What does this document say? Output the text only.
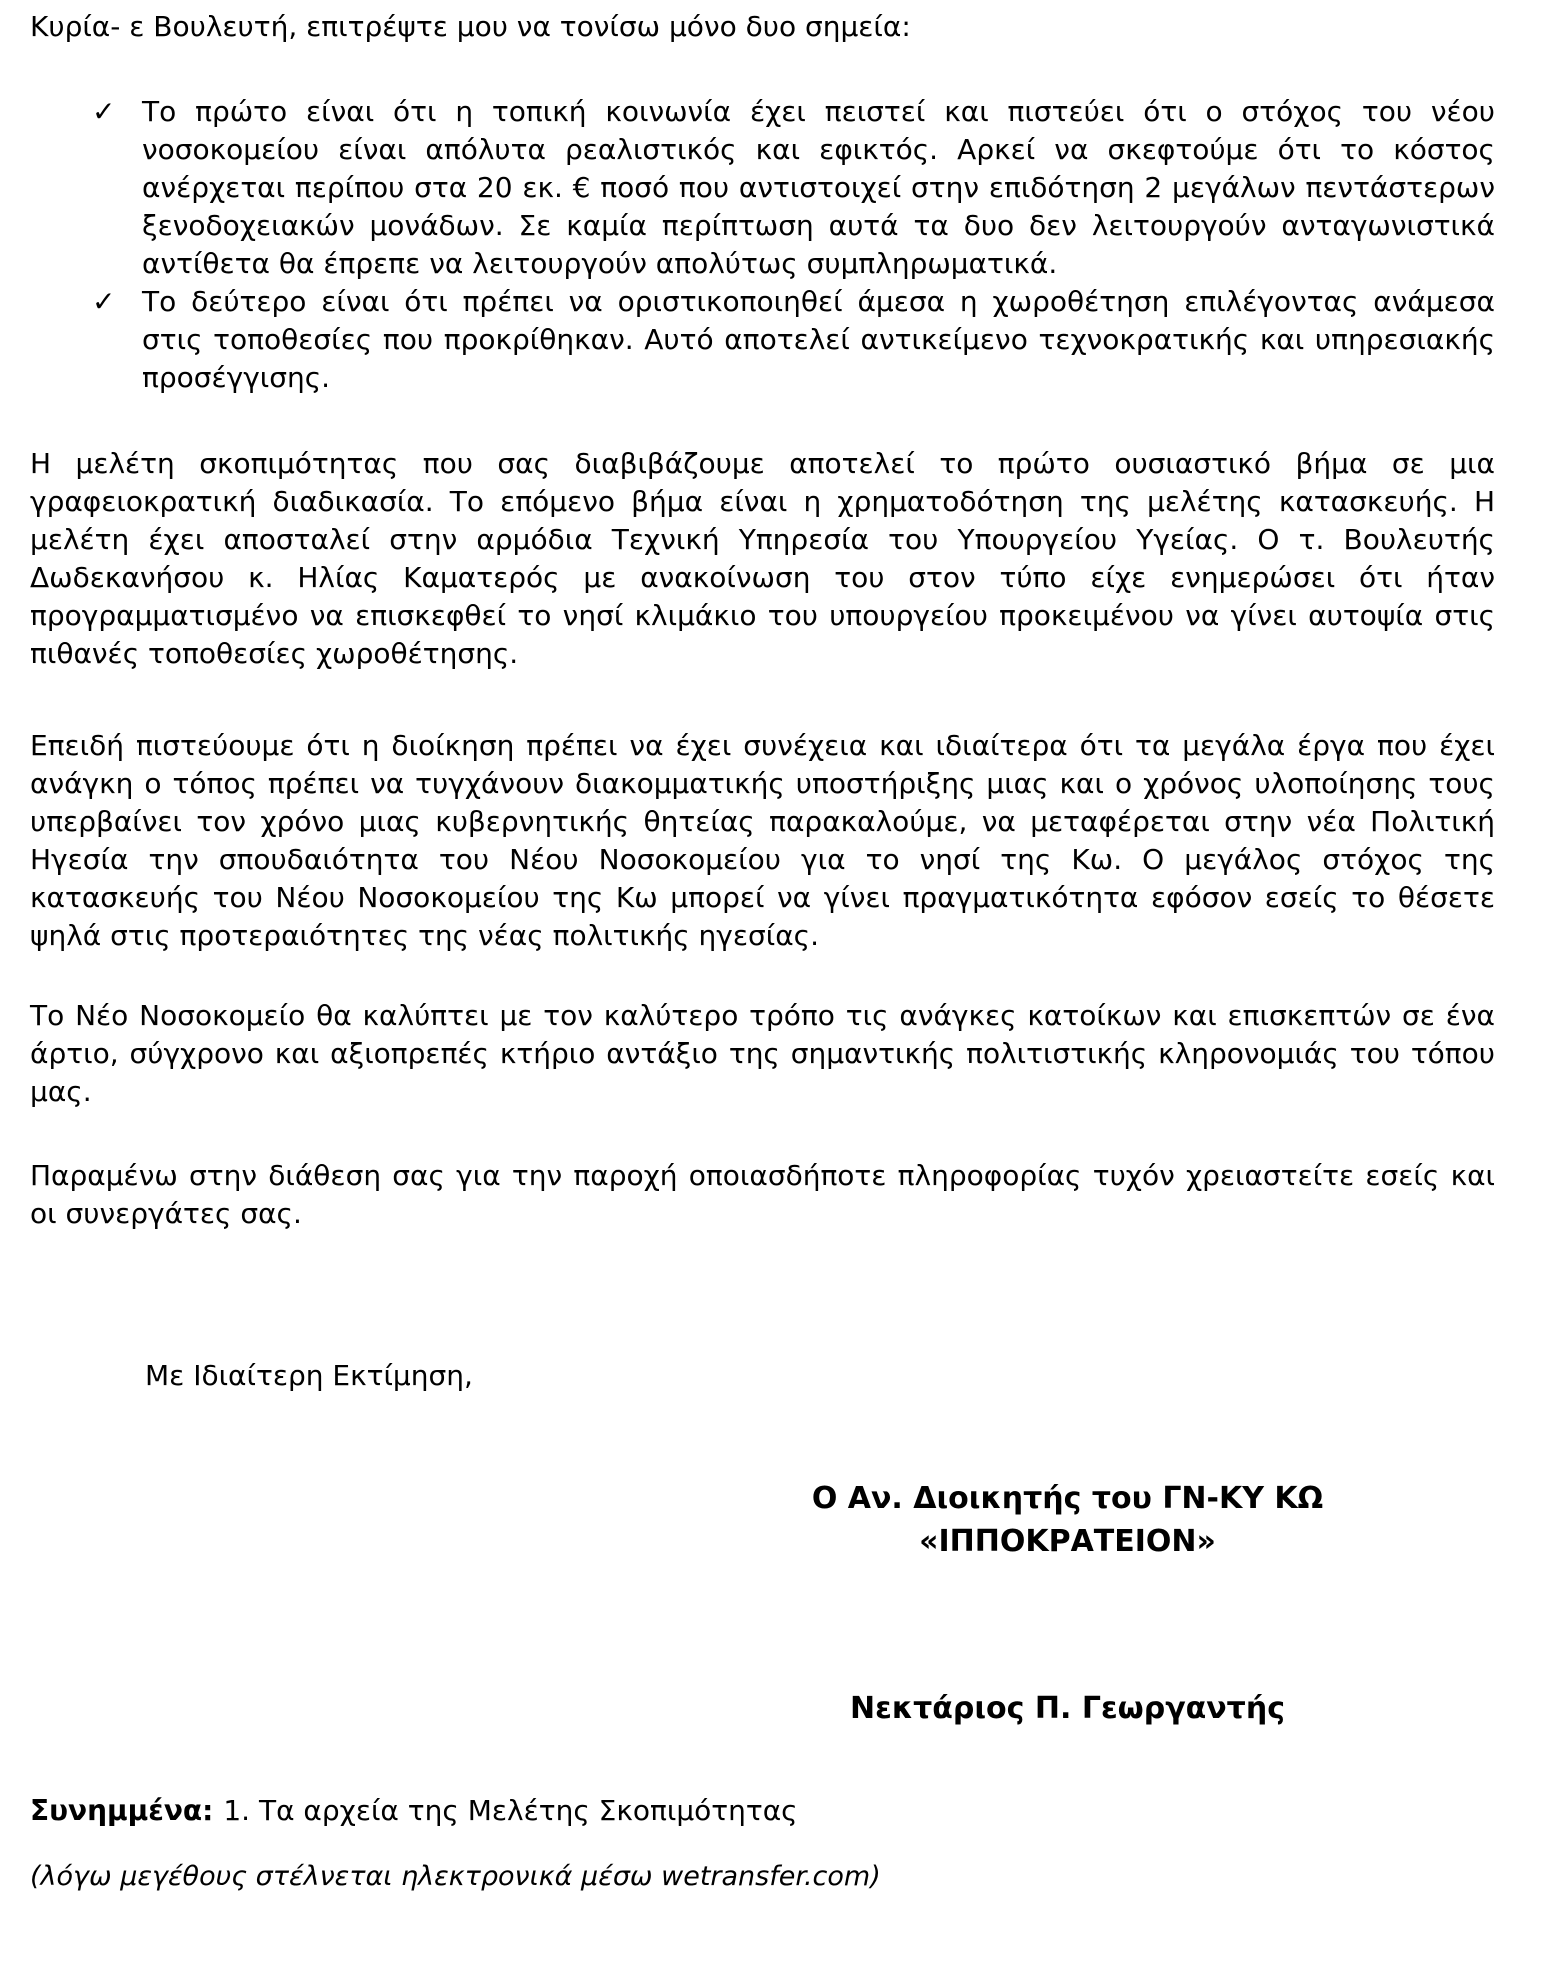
Κυρία- ε Βουλευτή, επιτρέψτε μου να τονίσω μόνο δυο σημεία:

✓ Το πρώτο είναι ότι η τοπική κοινωνία έχει πειστεί και πιστεύει ότι ο στόχος του νέου νοσοκομείου είναι απόλυτα ρεαλιστικός και εφικτός. Αρκεί να σκεφτούμε ότι το κόστος ανέρχεται περίπου στα 20 εκ. € ποσό που αντιστοιχεί στην επιδότηση 2 μεγάλων πεντάστερων ξενοδοχειακών μονάδων. Σε καμία περίπτωση αυτά τα δυο δεν λειτουργούν ανταγωνιστικά αντίθετα θα έπρεπε να λειτουργούν απολύτως συμπληρωματικά.
✓ Το δεύτερο είναι ότι πρέπει να οριστικοποιηθεί άμεσα η χωροθέτηση επιλέγοντας ανάμεσα στις τοποθεσίες που προκρίθηκαν. Αυτό αποτελεί αντικείμενο τεχνοκρατικής και υπηρεσιακής προσέγγισης.

Η μελέτη σκοπιμότητας που σας διαβιβάζουμε αποτελεί το πρώτο ουσιαστικό βήμα σε μια γραφειοκρατική διαδικασία. Το επόμενο βήμα είναι η χρηματοδότηση της μελέτης κατασκευής. Η μελέτη έχει αποσταλεί στην αρμόδια Τεχνική Υπηρεσία του Υπουργείου Υγείας. Ο τ. Βουλευτής Δωδεκανήσου κ. Ηλίας Καματερός με ανακοίνωση του στον τύπο είχε ενημερώσει ότι ήταν προγραμματισμένο να επισκεφθεί το νησί κλιμάκιο του υπουργείου προκειμένου να γίνει αυτοψία στις πιθανές τοποθεσίες χωροθέτησης.

Επειδή πιστεύουμε ότι η διοίκηση πρέπει να έχει συνέχεια και ιδιαίτερα ότι τα μεγάλα έργα που έχει ανάγκη ο τόπος πρέπει να τυγχάνουν διακομματικής υποστήριξης μιας και ο χρόνος υλοποίησης τους υπερβαίνει τον χρόνο μιας κυβερνητικής θητείας παρακαλούμε, να μεταφέρεται στην νέα Πολιτική Ηγεσία την σπουδαιότητα του Νέου Νοσοκομείου για το νησί της Κω. Ο μεγάλος στόχος της κατασκευής του Νέου Νοσοκομείου της Κω μπορεί να γίνει πραγματικότητα εφόσον εσείς το θέσετε ψηλά στις προτεραιότητες της νέας πολιτικής ηγεσίας.

Το Νέο Νοσοκομείο θα καλύπτει με τον καλύτερο τρόπο τις ανάγκες κατοίκων και επισκεπτών σε ένα άρτιο, σύγχρονο και αξιοπρεπές κτήριο αντάξιο της σημαντικής πολιτιστικής κληρονομιάς του τόπου μας.

Παραμένω στην διάθεση σας για την παροχή οποιασδήποτε πληροφορίας τυχόν χρειαστείτε εσείς και οι συνεργάτες σας.

Με Ιδιαίτερη Εκτίμηση,

Ο Αν. Διοικητής του ΓΝ-ΚΥ ΚΩ
«ΙΠΠΟΚΡΑΤΕΙΟΝ»
Νεκτάριος Π. Γεωργαντής

Συνημμένα: 1. Τα αρχεία της Μελέτης Σκοπιμότητας

(λόγω μεγέθους στέλνεται ηλεκτρονικά μέσω wetransfer.com)
